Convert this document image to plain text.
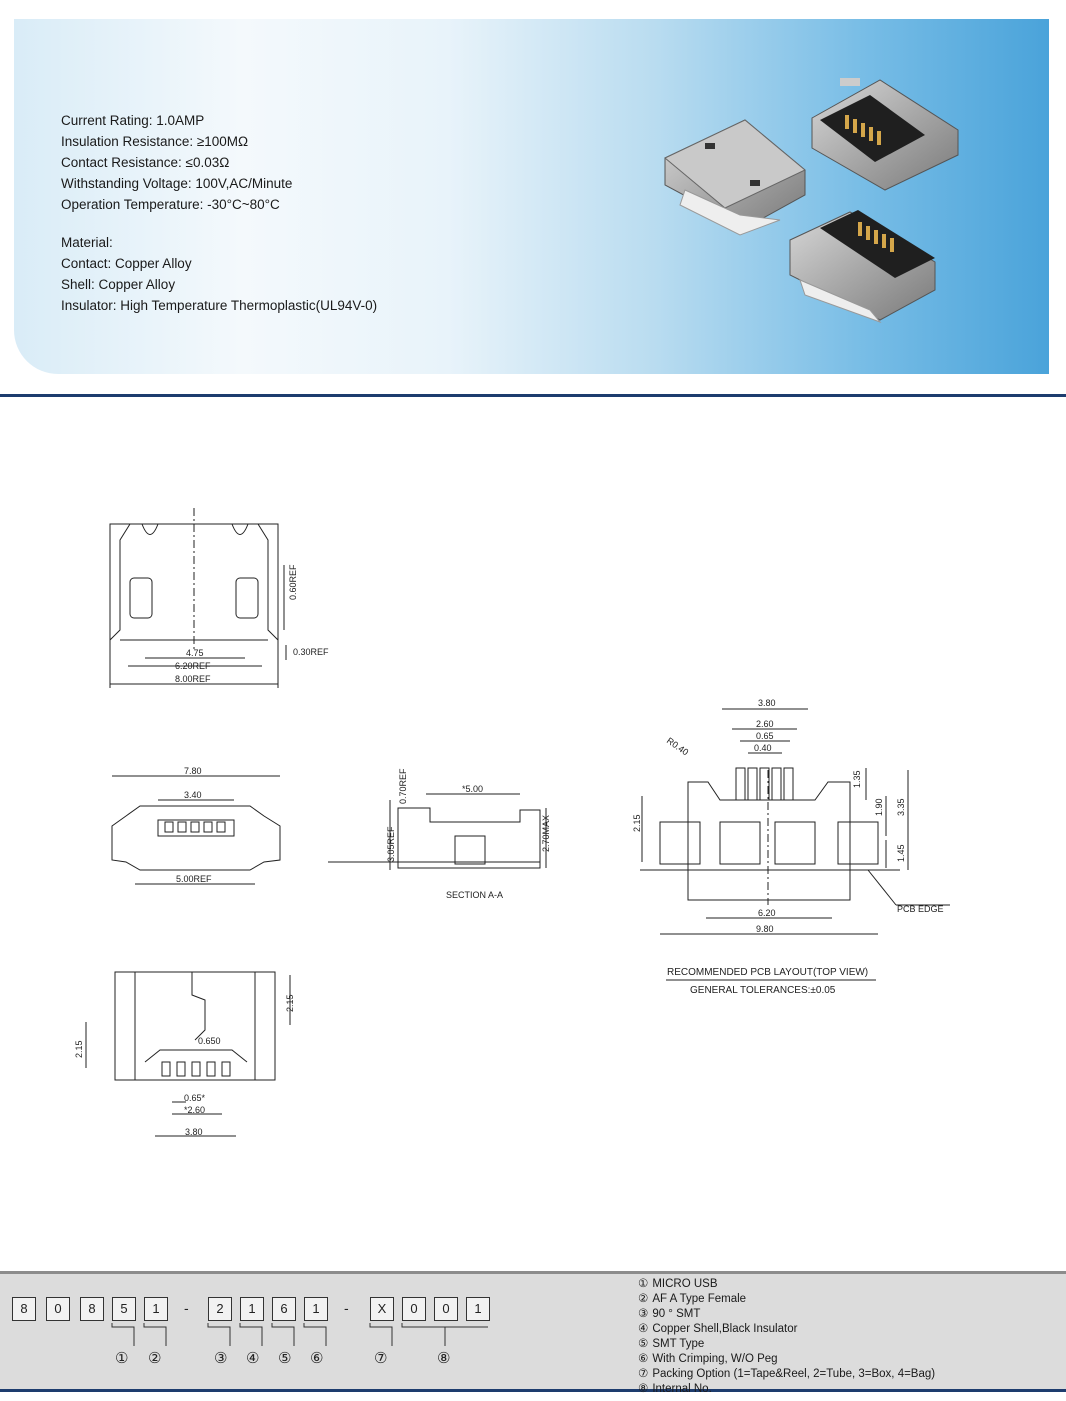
Current Rating: 1.0AMP
Insulation Resistance: ≥100MΩ
Contact Resistance: ≤0.03Ω
Withstanding Voltage: 100V,AC/Minute
Operation Temperature: -30°C~80°C
Material:
Contact: Copper Alloy
Shell: Copper Alloy
Insulator: High Temperature Thermoplastic(UL94V-0)
4.75
6.20REF
8.00REF
0.30REF
0.60REF
7.80
3.40
5.00REF
*5.00
0.70REF
3.05REF	2.70MAX
SECTION A-A
0.650
0.65*
*2.60
3.80
2.15
2.15
3.80
2.60
0.65
0.40
R0.40
1.35
3.35
1.90
1.45
2.15
6.20
9.80
PCB EDGE
RECOMMENDED PCB LAYOUT(TOP VIEW)
GENERAL TOLERANCES:±0.05
8	0	8	5	1	-	2	1	6	1	-	X	0	0	1
① ②	③ ④ ⑤ ⑥	⑦	⑧
① MICRO USB
② AF A Type Female
③ 90 ° SMT
④ Copper Shell,Black Insulator
⑤ SMT Type
⑥ With Crimping, W/O Peg
⑦ Packing Option (1=Tape&Reel, 2=Tube, 3=Box, 4=Bag)
⑧ Internal No.
